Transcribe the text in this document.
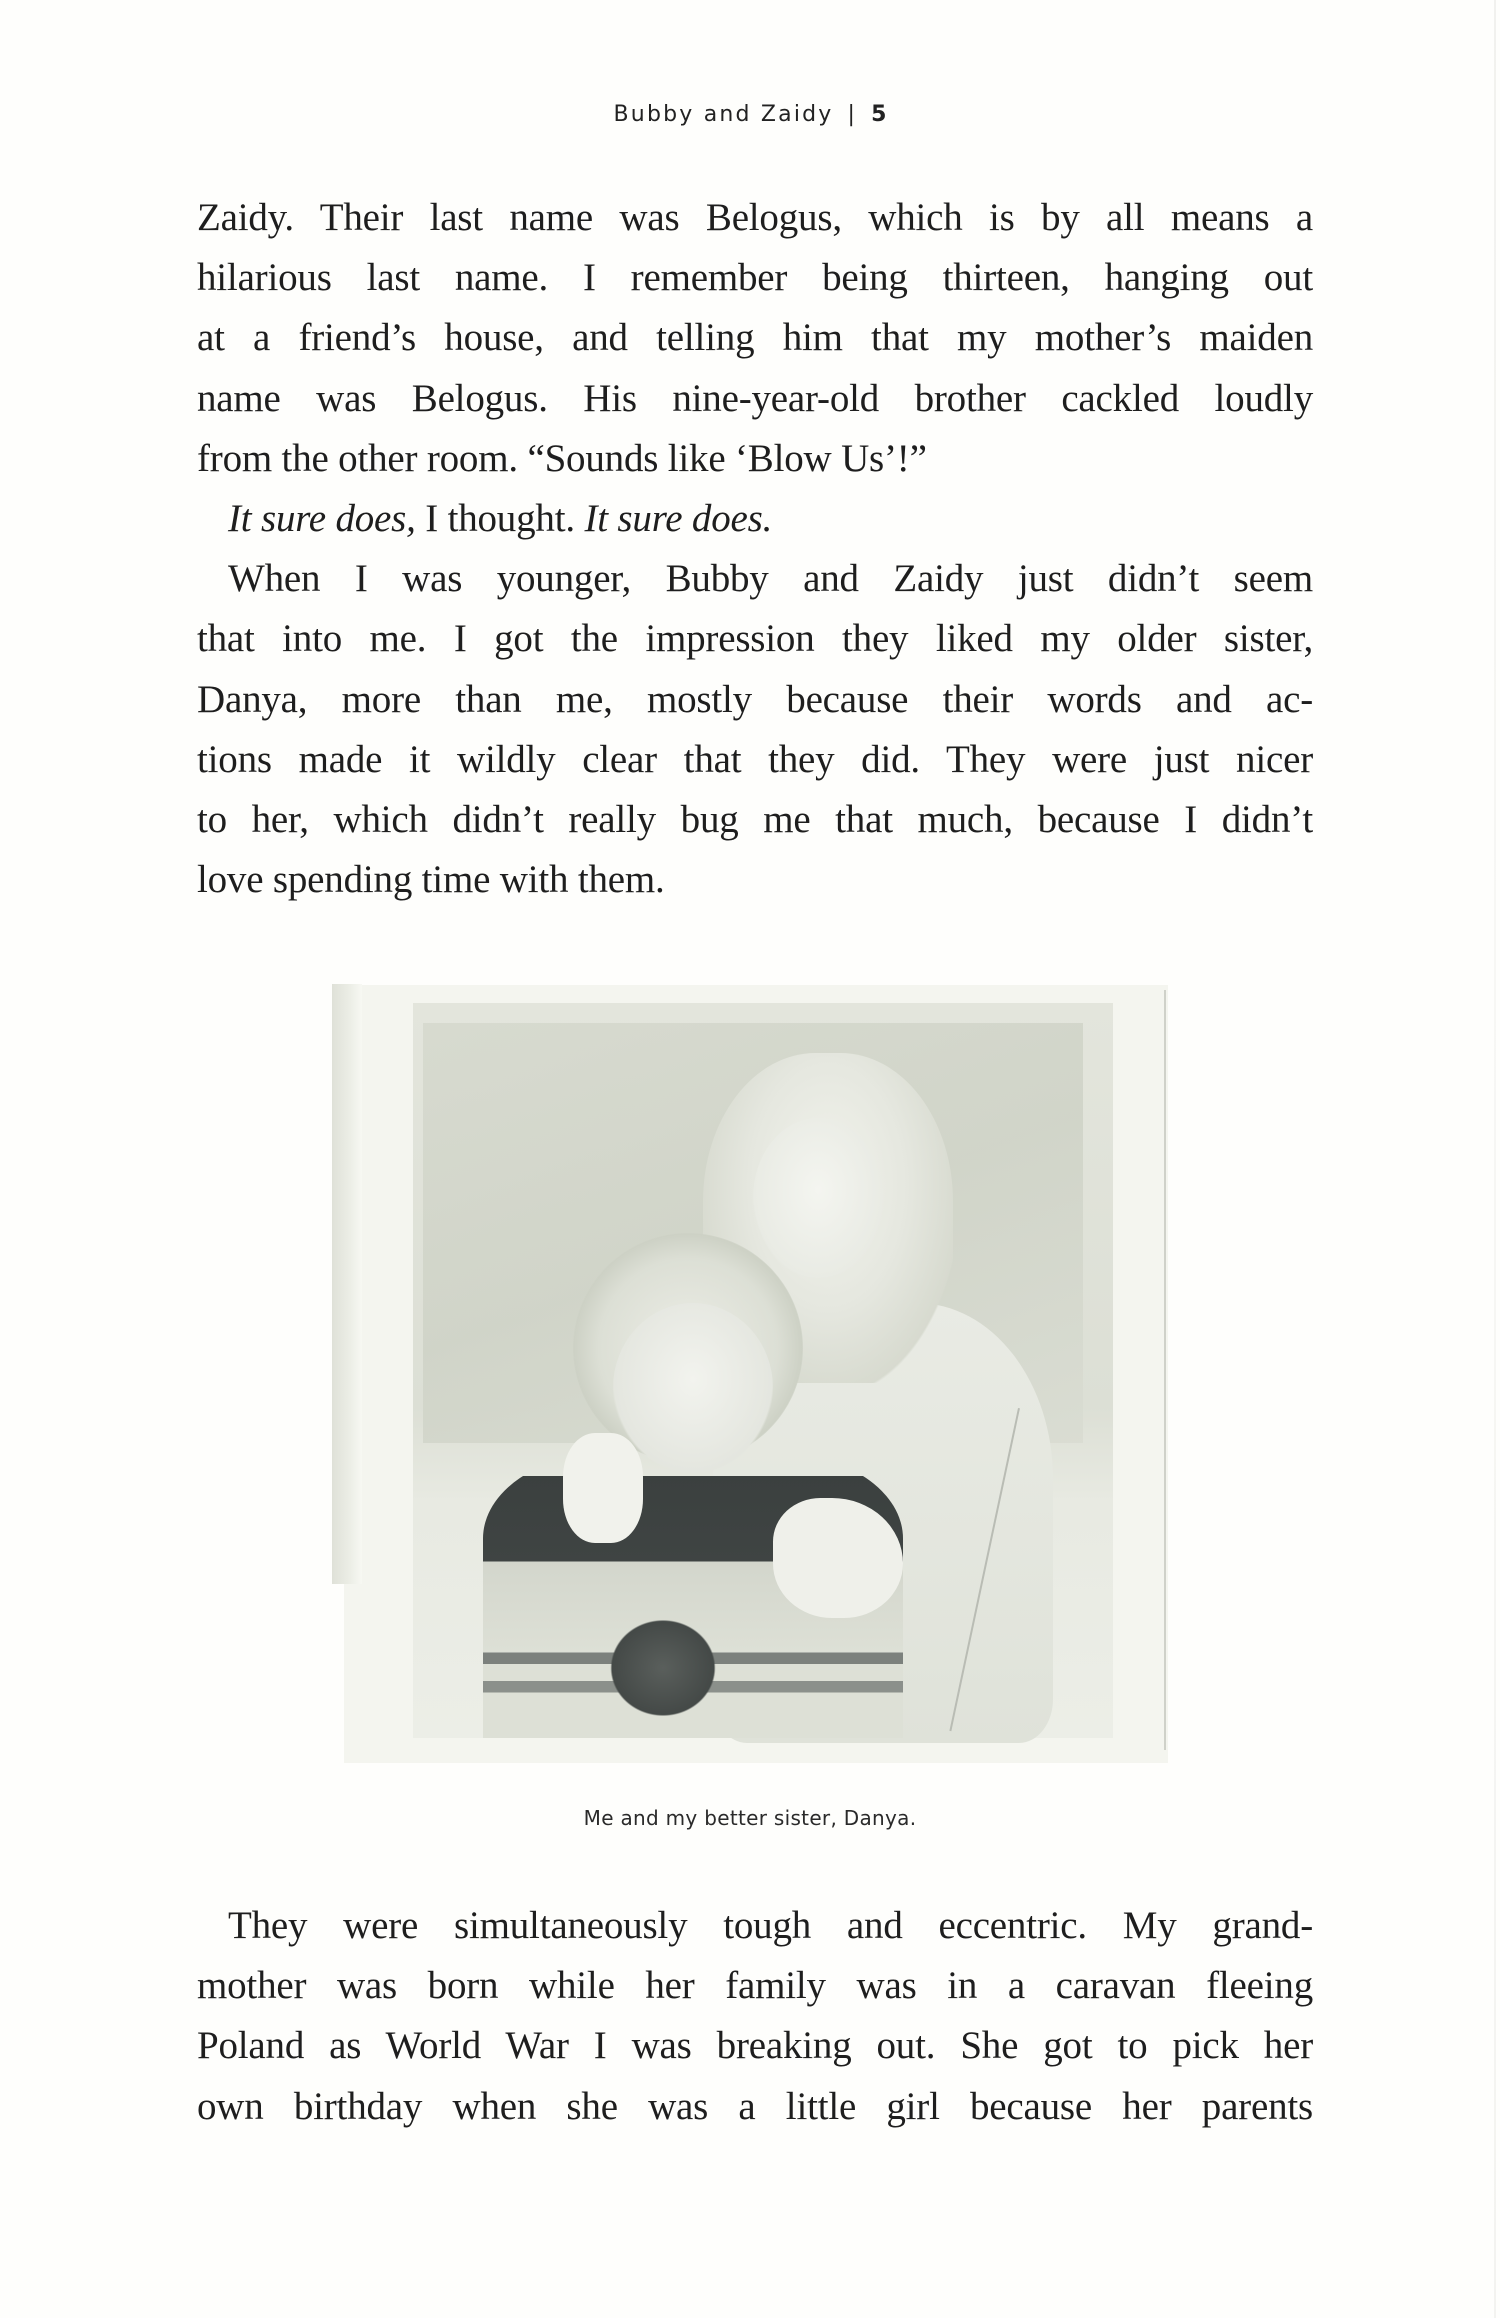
Bubby and Zaidy | 5

Zaidy. Their last name was Belogus, which is by all means a
hilarious last name. I remember being thirteen, hanging out
at a friend’s house, and telling him that my mother’s maiden
name was Belogus. His nine-year-old brother cackled loudly
from the other room. “Sounds like ‘Blow Us’!”

It sure does, I thought. It sure does.

When I was younger, Bubby and Zaidy just didn’t seem
that into me. I got the impression they liked my older sister,
Danya, more than me, mostly because their words and ac-
tions made it wildly clear that they did. They were just nicer
to her, which didn’t really bug me that much, because I didn’t
love spending time with them.

Me and my better sister, Danya.

They were simultaneously tough and eccentric. My grand-
mother was born while her family was in a caravan fleeing
Poland as World War I was breaking out. She got to pick her
own birthday when she was a little girl because her parents
